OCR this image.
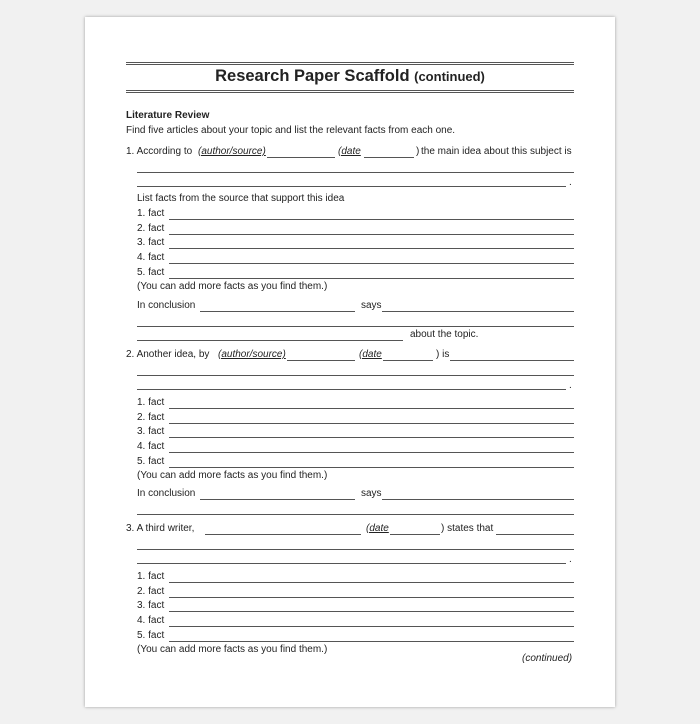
Research Paper Scaffold (continued)
Literature Review
Find five articles about your topic and list the relevant facts from each one.
1. According to (author/source)	(date	) the main idea about this subject is
.
List facts from the source that support this idea
1. fact
2. fact
3. fact
4. fact
5. fact
(You can add more facts as you find them.)
In conclusion	says
about the topic.
2. Another idea, by (author/source)	(date	) is
.
1. fact
2. fact
3. fact
4. fact
5. fact
(You can add more facts as you find them.)
In conclusion	says
3. A third writer,	(date	) states that
.
1. fact
2. fact
3. fact
4. fact
5. fact
(You can add more facts as you find them.)
(continued)
